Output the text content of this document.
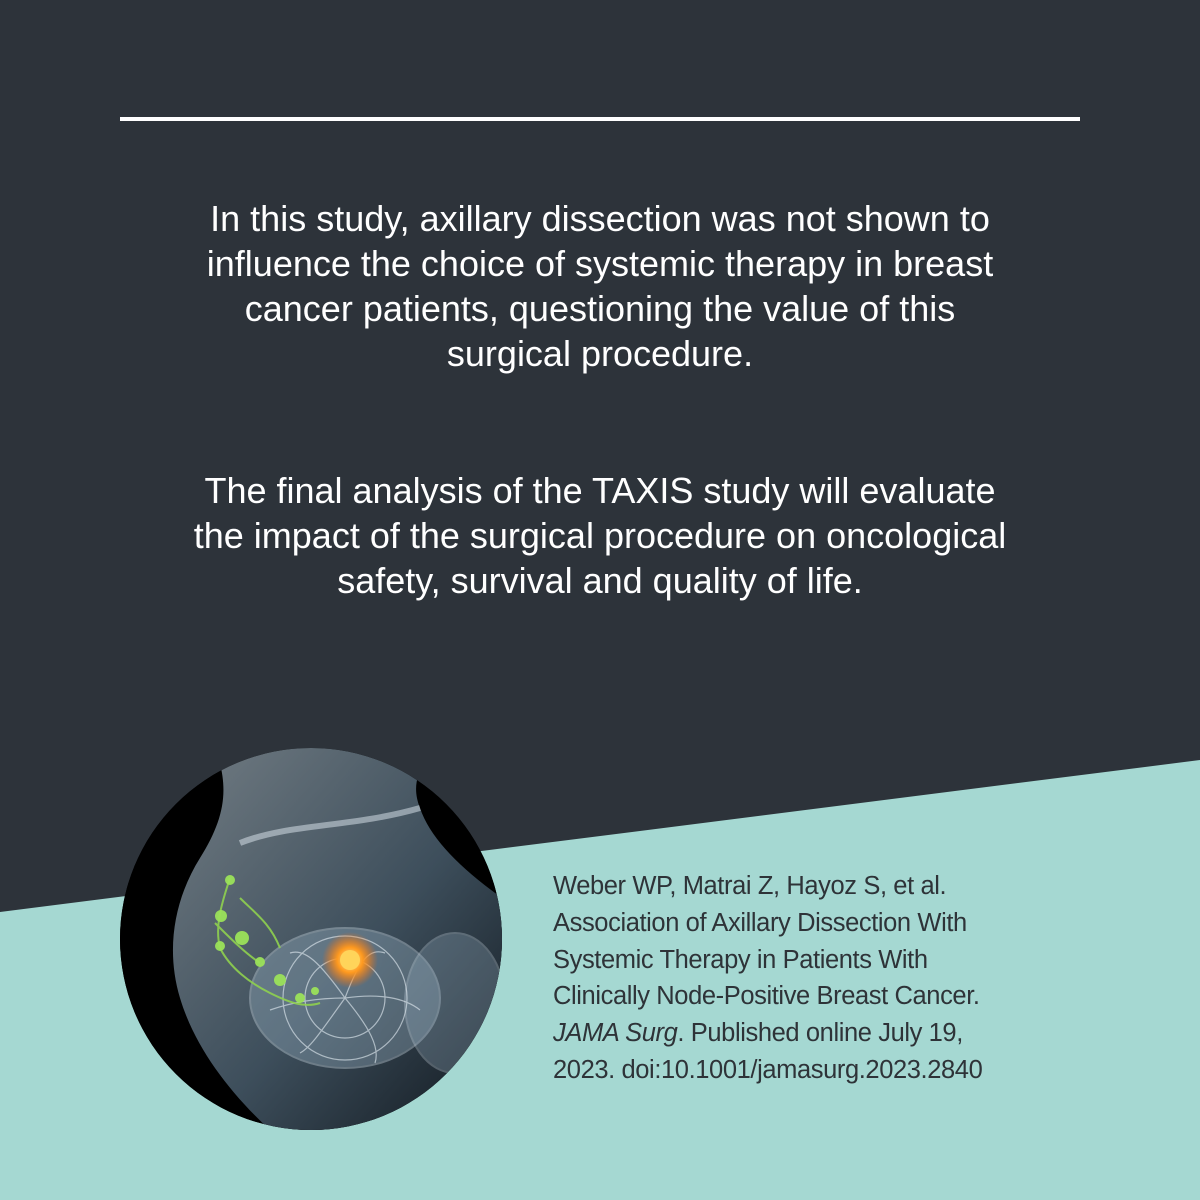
In this study, axillary dissection was not shown to
influence the choice of systemic therapy in breast
cancer patients, questioning the value of this
surgical procedure.

The final analysis of the TAXIS study will evaluate
the impact of the surgical procedure on oncological
safety, survival and quality of life.

Weber WP, Matrai Z, Hayoz S, et al.
Association of Axillary Dissection With
Systemic Therapy in Patients With
Clinically Node-Positive Breast Cancer.
JAMA Surg. Published online July 19,
2023. doi:10.1001/jamasurg.2023.2840
